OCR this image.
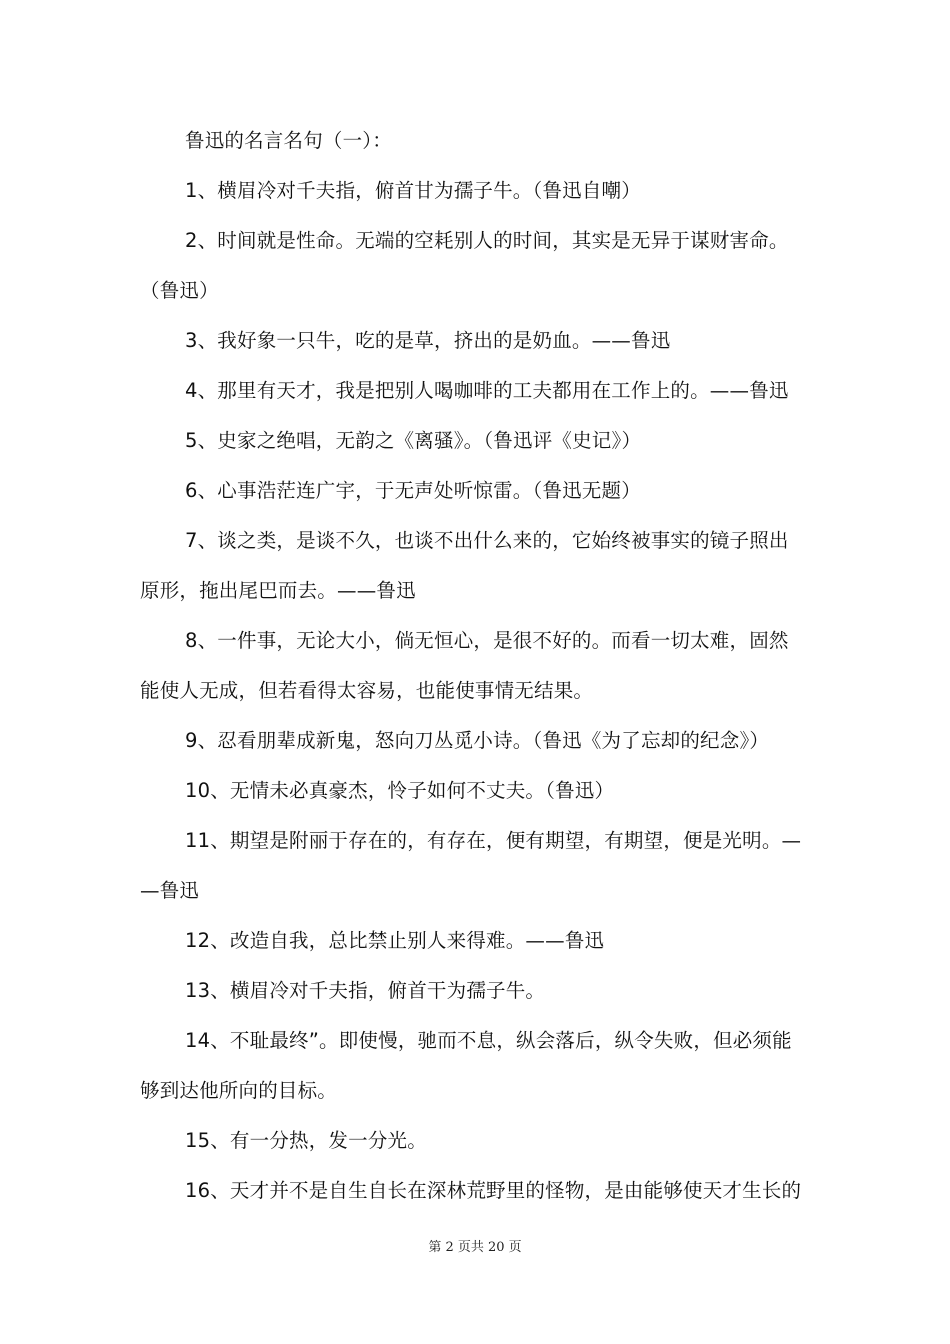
鲁迅的名言名句（一）：
1、横眉冷对千夫指，俯首甘为孺子牛。（鲁迅自嘲）
2、时间就是性命。无端的空耗别人的时间，其实是无异于谋财害命。
（鲁迅）
3、我好象一只牛，吃的是草，挤出的是奶血。——鲁迅
4、那里有天才，我是把别人喝咖啡的工夫都用在工作上的。——鲁迅
5、史家之绝唱，无韵之《离骚》。（鲁迅评《史记》）
6、心事浩茫连广宇，于无声处听惊雷。（鲁迅无题）
7、谈之类，是谈不久，也谈不出什么来的，它始终被事实的镜子照出
原形，拖出尾巴而去。——鲁迅
8、一件事，无论大小，倘无恒心，是很不好的。而看一切太难，固然
能使人无成，但若看得太容易，也能使事情无结果。
9、忍看朋辈成新鬼，怒向刀丛觅小诗。（鲁迅《为了忘却的纪念》）
10、无情未必真豪杰，怜子如何不丈夫。（鲁迅）
11、期望是附丽于存在的，有存在，便有期望，有期望，便是光明。—
—鲁迅
12、改造自我，总比禁止别人来得难。——鲁迅
13、横眉冷对千夫指，俯首干为孺子牛。
14、不耻最终”。即使慢，驰而不息，纵会落后，纵令失败，但必须能
够到达他所向的目标。
15、有一分热，发一分光。
16、天才并不是自生自长在深林荒野里的怪物，是由能够使天才生长的
第 2 页共 20 页
